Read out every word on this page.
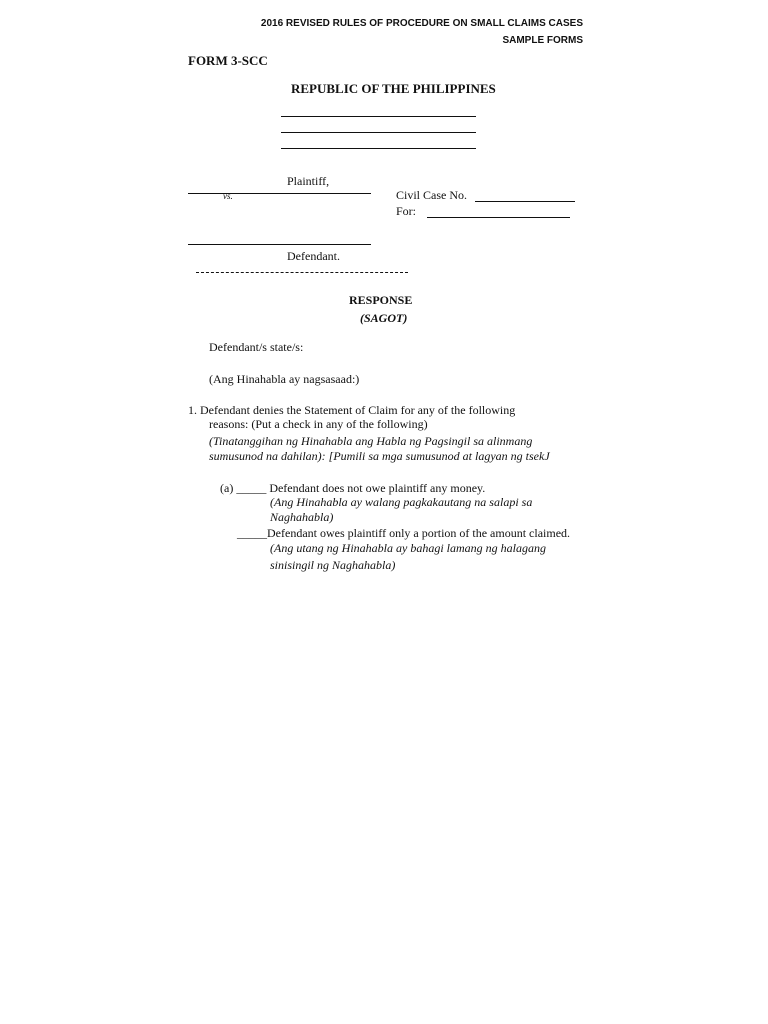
2016 REVISED RULES OF PROCEDURE ON SMALL CLAIMS CASES
SAMPLE FORMS
FORM 3-SCC
REPUBLIC OF THE PHILIPPINES
Plaintiff,
vs.
Defendant.
Civil Case No.
For:
RESPONSE
(SAGOT)
Defendant/s state/s:
(Ang Hinahabla ay nagsasaad:)
1. Defendant denies the Statement of Claim for any of the following
reasons: (Put a check in any of the following)
(Tinatanggihan ng Hinahabla ang Habla ng Pagsingil sa alinmang
sumusunod na dahilan): [Pumili sa mga sumusunod at lagyan ng tsekJ
(a) _____ Defendant does not owe plaintiff any money.
(Ang Hinahabla ay walang pagkakautang na salapi sa
Naghahabla)
_____Defendant owes plaintiff only a portion of the amount claimed.
(Ang utang ng Hinahabla ay bahagi lamang ng halagang
sinisingil ng Naghahabla)
